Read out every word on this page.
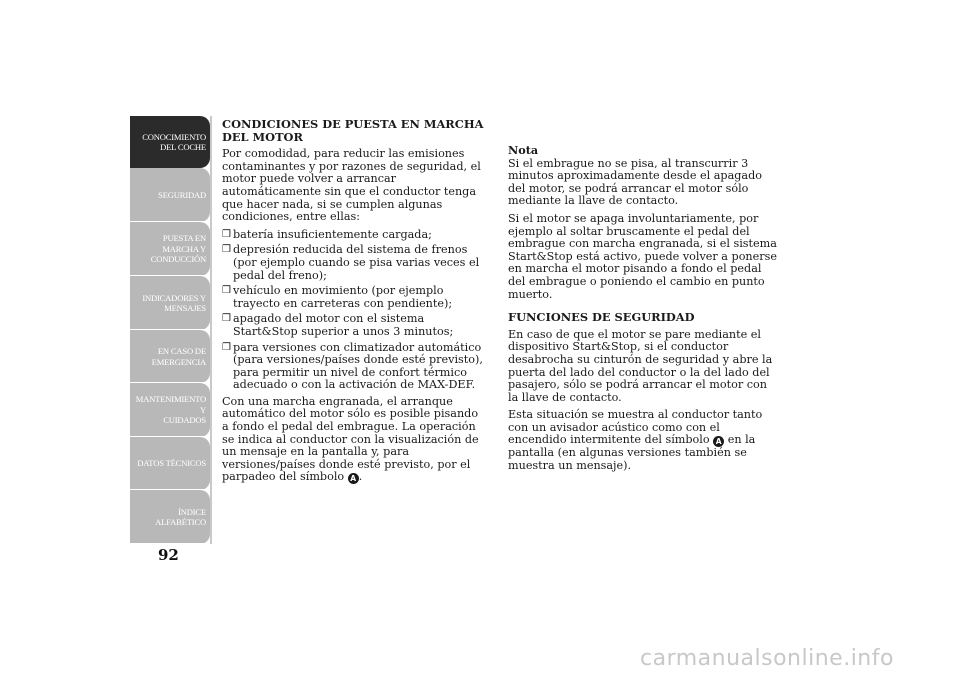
CONOCIMIENTO
DEL COCHE
SEGURIDAD
PUESTA EN
MARCHA Y
CONDUCCIÓN
INDICADORES Y
MENSAJES
EN CASO DE
EMERGENCIA
MANTENIMIENTO Y
CUIDADOS
DATOS TÉCNICOS
ÍNDICE
ALFABÉTICO
92
CONDICIONES DE PUESTA EN MARCHA DEL MOTOR

Por comodidad, para reducir las emisiones contaminantes y por razones de seguridad, el motor puede volver a arrancar automáticamente sin que el conductor tenga que hacer nada, si se cumplen algunas condiciones, entre ellas:

❒ batería insuficientemente cargada;
❒ depresión reducida del sistema de frenos (por ejemplo cuando se pisa varias veces el pedal del freno);
❒ vehículo en movimiento (por ejemplo trayecto en carreteras con pendiente);
❒ apagado del motor con el sistema Start&Stop superior a unos 3 minutos;
❒ para versiones con climatizador automático (para versiones/países donde esté previsto), para permitir un nivel de confort térmico adecuado o con la activación de MAX-DEF.

Con una marcha engranada, el arranque automático del motor sólo es posible pisando a fondo el pedal del embrague. La operación se indica al conductor con la visualización de un mensaje en la pantalla y, para versiones/países donde esté previsto, por el parpadeo del símbolo A .

Nota

Si el embrague no se pisa, al transcurrir 3 minutos aproximadamente desde el apagado del motor, se podrá arrancar el motor sólo mediante la llave de contacto.

Si el motor se apaga involuntariamente, por ejemplo al soltar bruscamente el pedal del embrague con marcha engranada, si el sistema Start&Stop está activo, puede volver a ponerse en marcha el motor pisando a fondo el pedal del embrague o poniendo el cambio en punto muerto.

FUNCIONES DE SEGURIDAD

En caso de que el motor se pare mediante el dispositivo Start&Stop, si el conductor desabrocha su cinturón de seguridad y abre la puerta del lado del conductor o la del lado del pasajero, sólo se podrá arrancar el motor con la llave de contacto.

Esta situación se muestra al conductor tanto con un avisador acústico como con el encendido intermitente del símbolo A en la pantalla (en algunas versiones también se muestra un mensaje).

carmanualsonline.info
